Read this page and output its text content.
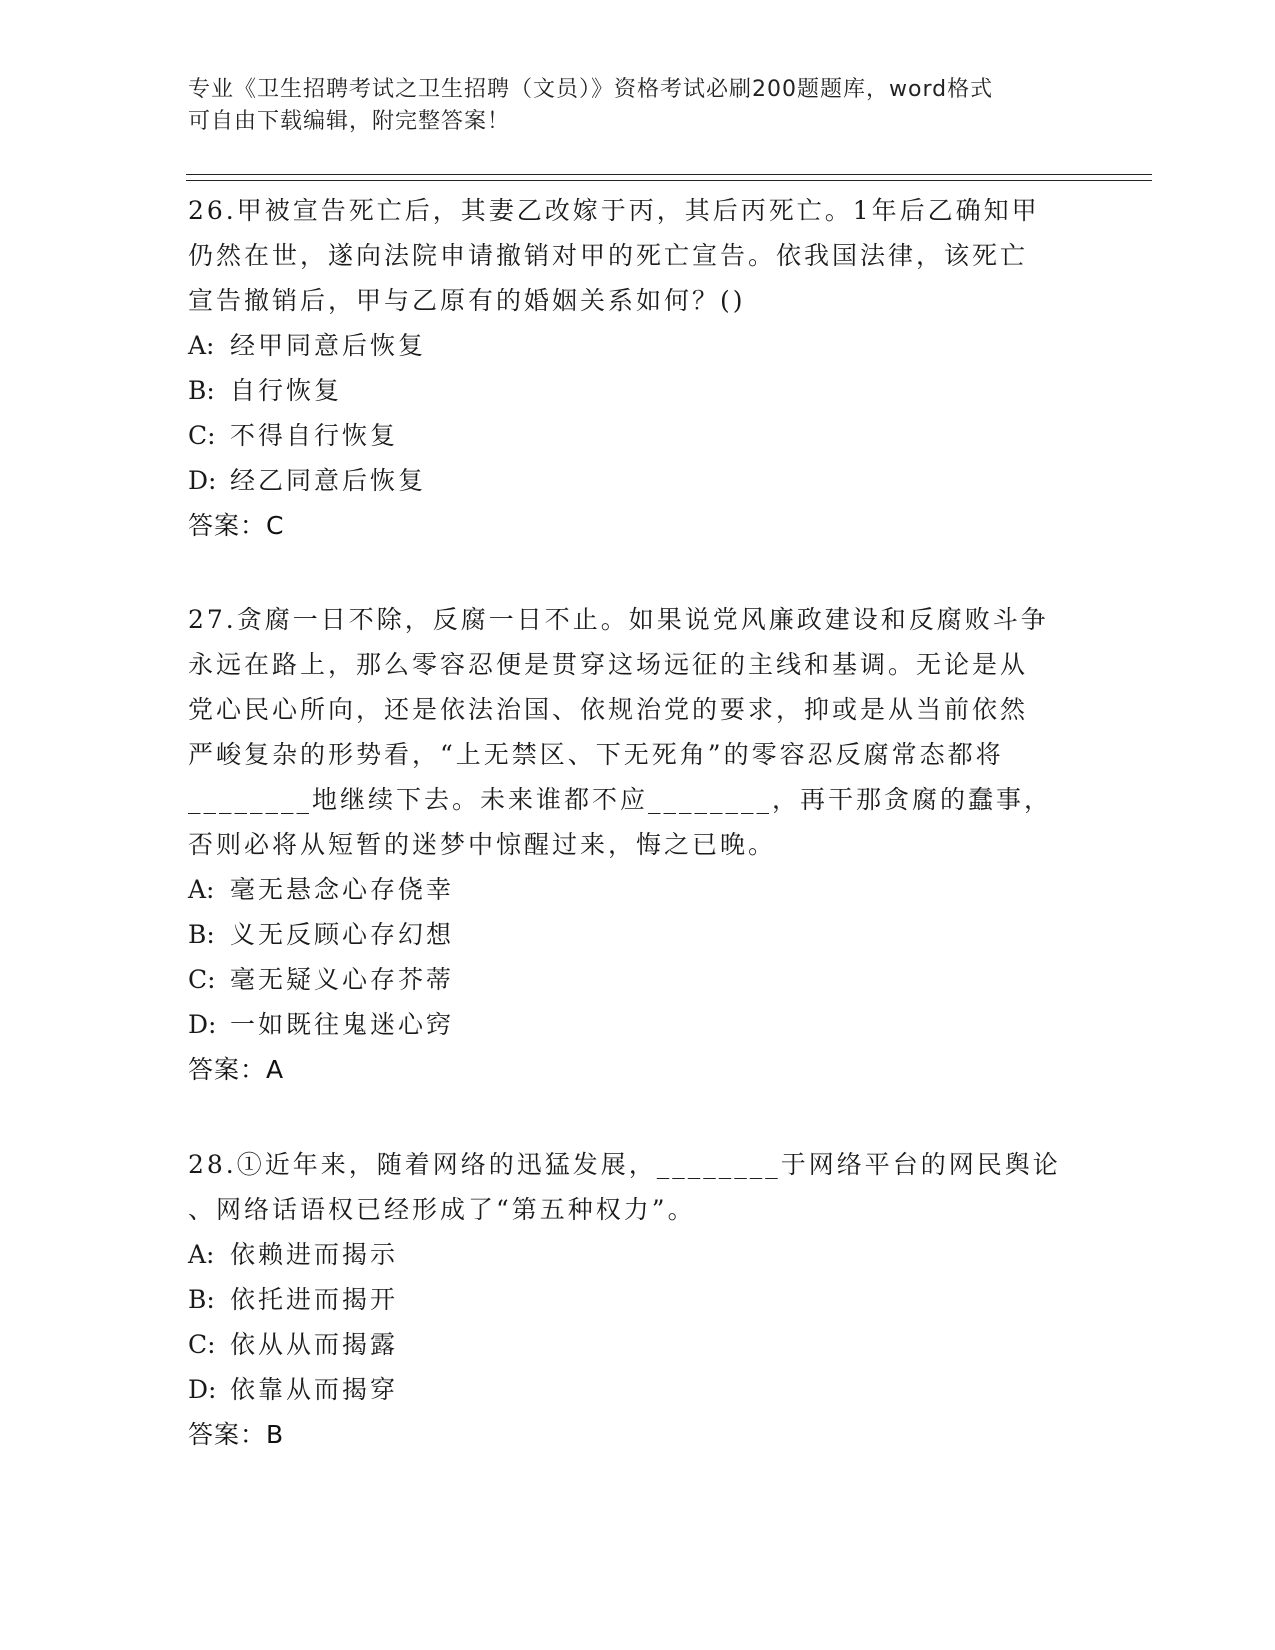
专业《卫生招聘考试之卫生招聘（文员）》资格考试必刷200题题库，word格式
可自由下载编辑，附完整答案！

26.甲被宣告死亡后，其妻乙改嫁于丙，其后丙死亡。1年后乙确知甲

仍然在世，遂向法院申请撤销对甲的死亡宣告。依我国法律，该死亡

宣告撤销后，甲与乙原有的婚姻关系如何？()

A: 经甲同意后恢复

B: 自行恢复

C: 不得自行恢复

D: 经乙同意后恢复

答案：C

27.贪腐一日不除，反腐一日不止。如果说党风廉政建设和反腐败斗争

永远在路上，那么零容忍便是贯穿这场远征的主线和基调。无论是从

党心民心所向，还是依法治国、依规治党的要求，抑或是从当前依然

严峻复杂的形势看，“上无禁区、下无死角”的零容忍反腐常态都将

________地继续下去。未来谁都不应________，再干那贪腐的蠢事，

否则必将从短暂的迷梦中惊醒过来，悔之已晚。

A: 毫无悬念心存侥幸

B: 义无反顾心存幻想

C: 毫无疑义心存芥蒂

D: 一如既往鬼迷心窍

答案：A

28.①近年来，随着网络的迅猛发展，________于网络平台的网民舆论

、网络话语权已经形成了“第五种权力”。

A: 依赖进而揭示

B: 依托进而揭开

C: 依从从而揭露

D: 依靠从而揭穿

答案：B
